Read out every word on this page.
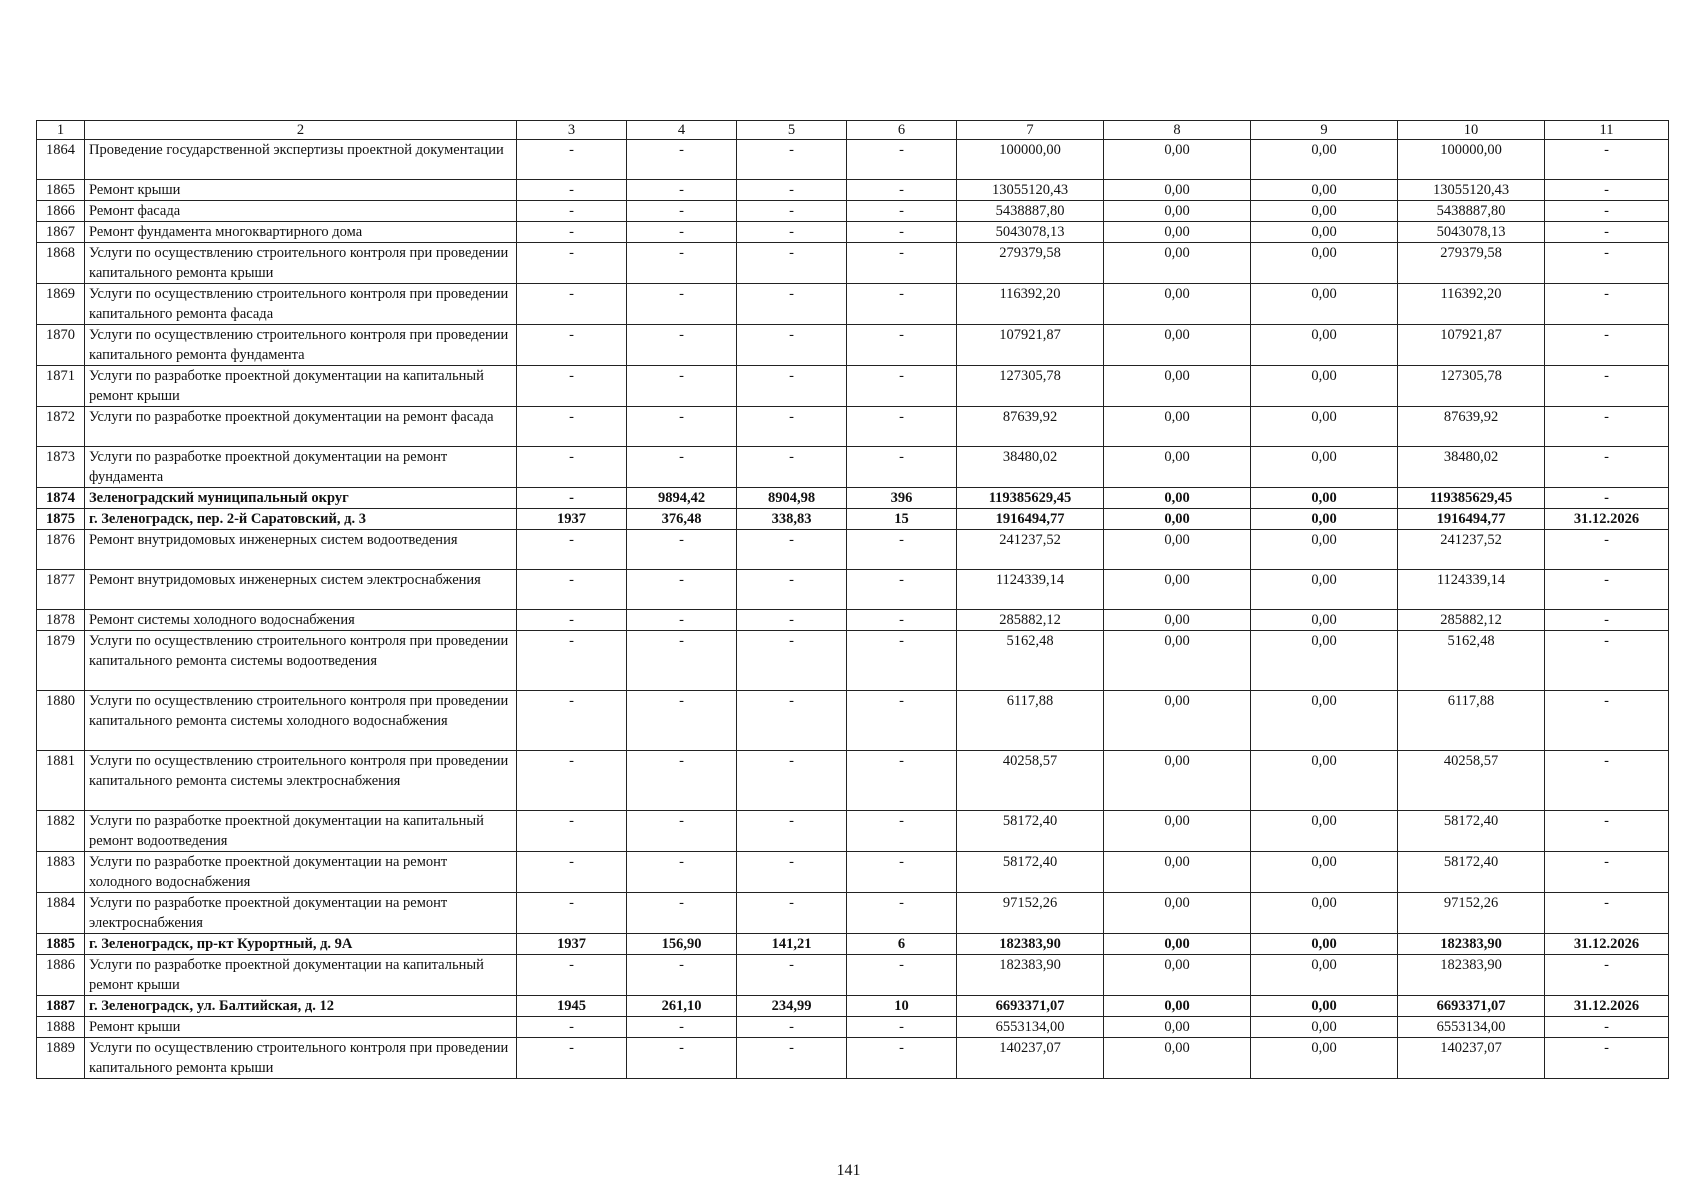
1	2	3	4	5	6	7	8	9	10	11
1864	Проведение государственной экспертизы проектной документации	-	-	-	-	100000,00	0,00	0,00	100000,00	-
1865	Ремонт крыши	-	-	-	-	13055120,43	0,00	0,00	13055120,43	-
1866	Ремонт фасада	-	-	-	-	5438887,80	0,00	0,00	5438887,80	-
1867	Ремонт фундамента многоквартирного дома	-	-	-	-	5043078,13	0,00	0,00	5043078,13	-
1868	Услуги по осуществлению строительного контроля при проведении капитального ремонта крыши	-	-	-	-	279379,58	0,00	0,00	279379,58	-
1869	Услуги по осуществлению строительного контроля при проведении капитального ремонта фасада	-	-	-	-	116392,20	0,00	0,00	116392,20	-
1870	Услуги по осуществлению строительного контроля при проведении капитального ремонта фундамента	-	-	-	-	107921,87	0,00	0,00	107921,87	-
1871	Услуги по разработке проектной документации на капитальный ремонт крыши	-	-	-	-	127305,78	0,00	0,00	127305,78	-
1872	Услуги по разработке проектной документации на ремонт фасада	-	-	-	-	87639,92	0,00	0,00	87639,92	-
1873	Услуги по разработке проектной документации на ремонт фундамента	-	-	-	-	38480,02	0,00	0,00	38480,02	-
1874	Зеленоградский муниципальный округ	-	9894,42	8904,98	396	119385629,45	0,00	0,00	119385629,45	-
1875	г. Зеленоградск, пер. 2-й Саратовский, д. 3	1937	376,48	338,83	15	1916494,77	0,00	0,00	1916494,77	31.12.2026
1876	Ремонт внутридомовых инженерных систем водоотведения	-	-	-	-	241237,52	0,00	0,00	241237,52	-
1877	Ремонт внутридомовых инженерных систем электроснабжения	-	-	-	-	1124339,14	0,00	0,00	1124339,14	-
1878	Ремонт системы холодного водоснабжения	-	-	-	-	285882,12	0,00	0,00	285882,12	-
1879	Услуги по осуществлению строительного контроля при проведении капитального ремонта системы водоотведения	-	-	-	-	5162,48	0,00	0,00	5162,48	-
1880	Услуги по осуществлению строительного контроля при проведении капитального ремонта системы холодного водоснабжения	-	-	-	-	6117,88	0,00	0,00	6117,88	-
1881	Услуги по осуществлению строительного контроля при проведении капитального ремонта системы электроснабжения	-	-	-	-	40258,57	0,00	0,00	40258,57	-
1882	Услуги по разработке проектной документации на капитальный ремонт водоотведения	-	-	-	-	58172,40	0,00	0,00	58172,40	-
1883	Услуги по разработке проектной документации на ремонт холодного водоснабжения	-	-	-	-	58172,40	0,00	0,00	58172,40	-
1884	Услуги по разработке проектной документации на ремонт электроснабжения	-	-	-	-	97152,26	0,00	0,00	97152,26	-
1885	г. Зеленоградск, пр-кт Курортный, д. 9А	1937	156,90	141,21	6	182383,90	0,00	0,00	182383,90	31.12.2026
1886	Услуги по разработке проектной документации на капитальный ремонт крыши	-	-	-	-	182383,90	0,00	0,00	182383,90	-
1887	г. Зеленоградск, ул. Балтийская, д. 12	1945	261,10	234,99	10	6693371,07	0,00	0,00	6693371,07	31.12.2026
1888	Ремонт крыши	-	-	-	-	6553134,00	0,00	0,00	6553134,00	-
1889	Услуги по осуществлению строительного контроля при проведении капитального ремонта крыши	-	-	-	-	140237,07	0,00	0,00	140237,07	-
141
